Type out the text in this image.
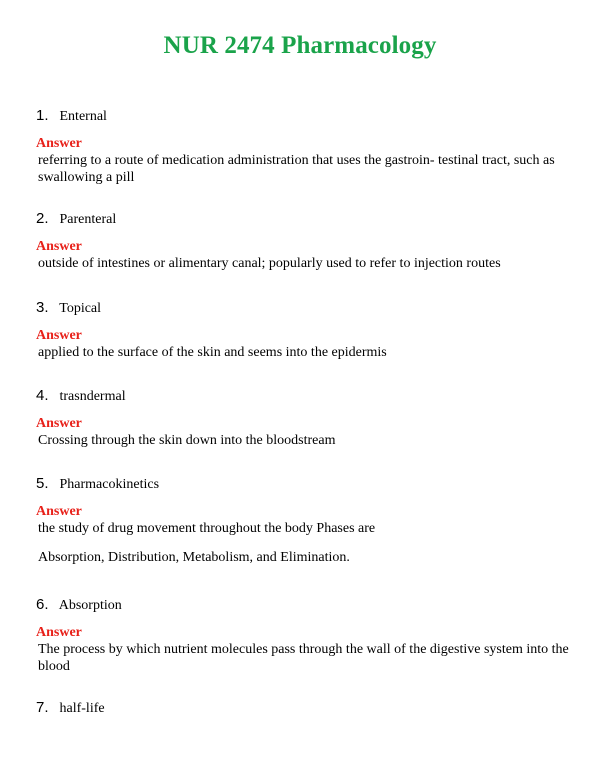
NUR 2474 Pharmacology
1. Enternal
Answer
referring to a route of medication administration that uses the gastroin- testinal tract, such as swallowing a pill
2. Parenteral
Answer
outside of intestines or alimentary canal; popularly used to refer to injection routes
3. Topical
Answer
applied to the surface of the skin and seems into the epidermis
4. trasndermal
Answer
Crossing through the skin down into the bloodstream
5. Pharmacokinetics
Answer
the study of drug movement throughout the body Phases are
Absorption, Distribution, Metabolism, and Elimination.
6. Absorption
Answer
The process by which nutrient molecules pass through the wall of the digestive system into the blood
7. half-life
